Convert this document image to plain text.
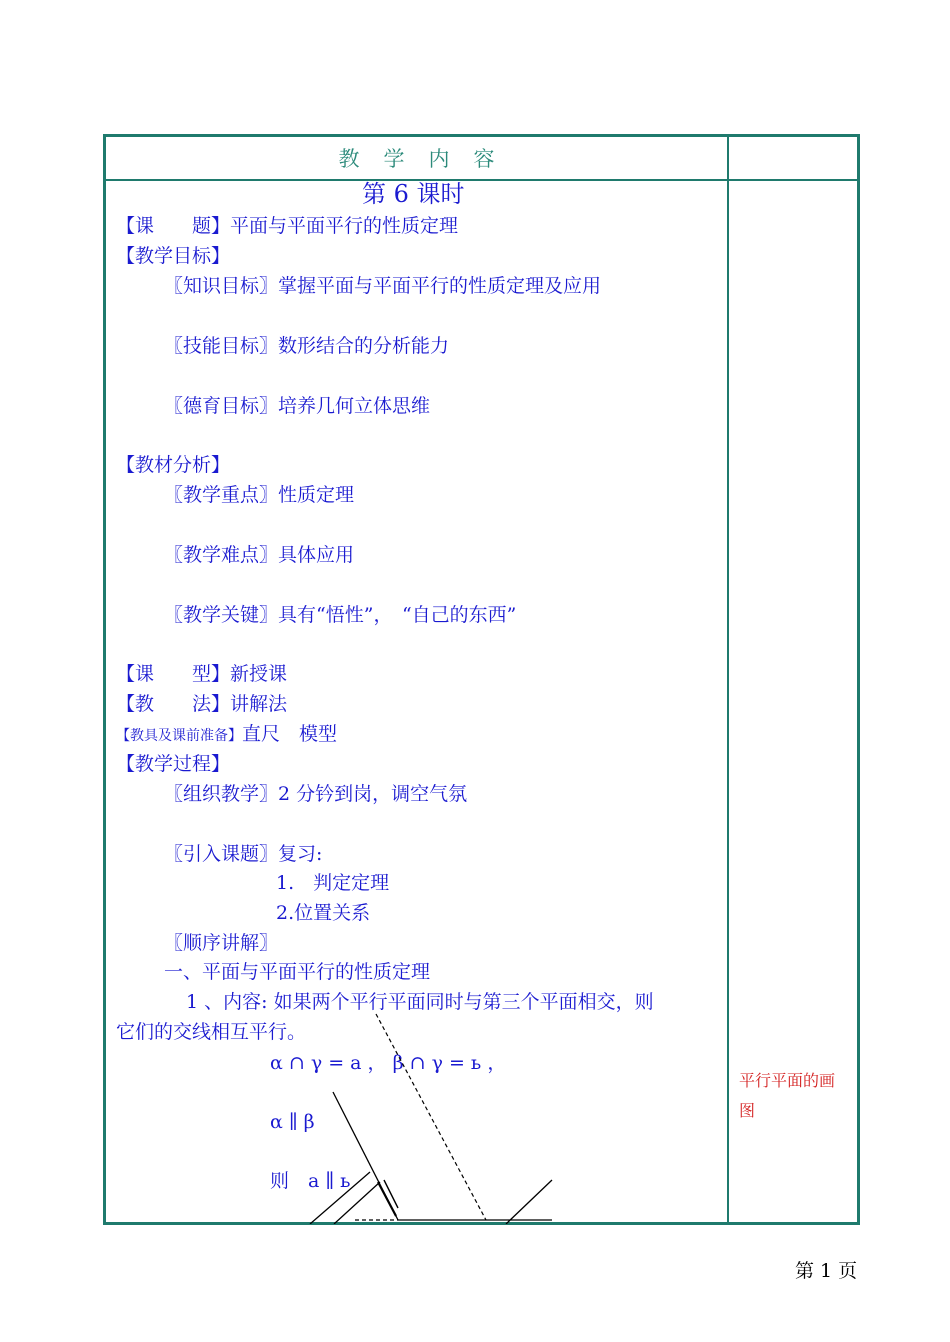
教学内容
第 6 课时
【课　　题】平面与平面平行的性质定理
【教学目标】
〖知识目标〗掌握平面与平面平行的性质定理及应用
〖技能目标〗数形结合的分析能力
〖德育目标〗培养几何立体思维
【教材分析】
〖教学重点〗性质定理
〖教学难点〗具体应用
〖教学关键〗具有“悟性”，　“自己的东西”
【课　　型】新授课
【教　　法】讲解法
【教具及课前准备】直尺　模型
【教学过程】
〖组织教学〗2 分钤到岗，调空气氛
〖引入课题〗复习:
1.　判定定理
2.位置关系
〖顺序讲解〗
一、平面与平面平行的性质定理
1 、内容: 如果两个平行平面同时与第三个平面相交，则
它们的交线相互平行。
α ∩ γ = a ， β ∩ γ = ь ，
α ∥ β
则　a ∥ ь
平行平面的画图
第 1 页
